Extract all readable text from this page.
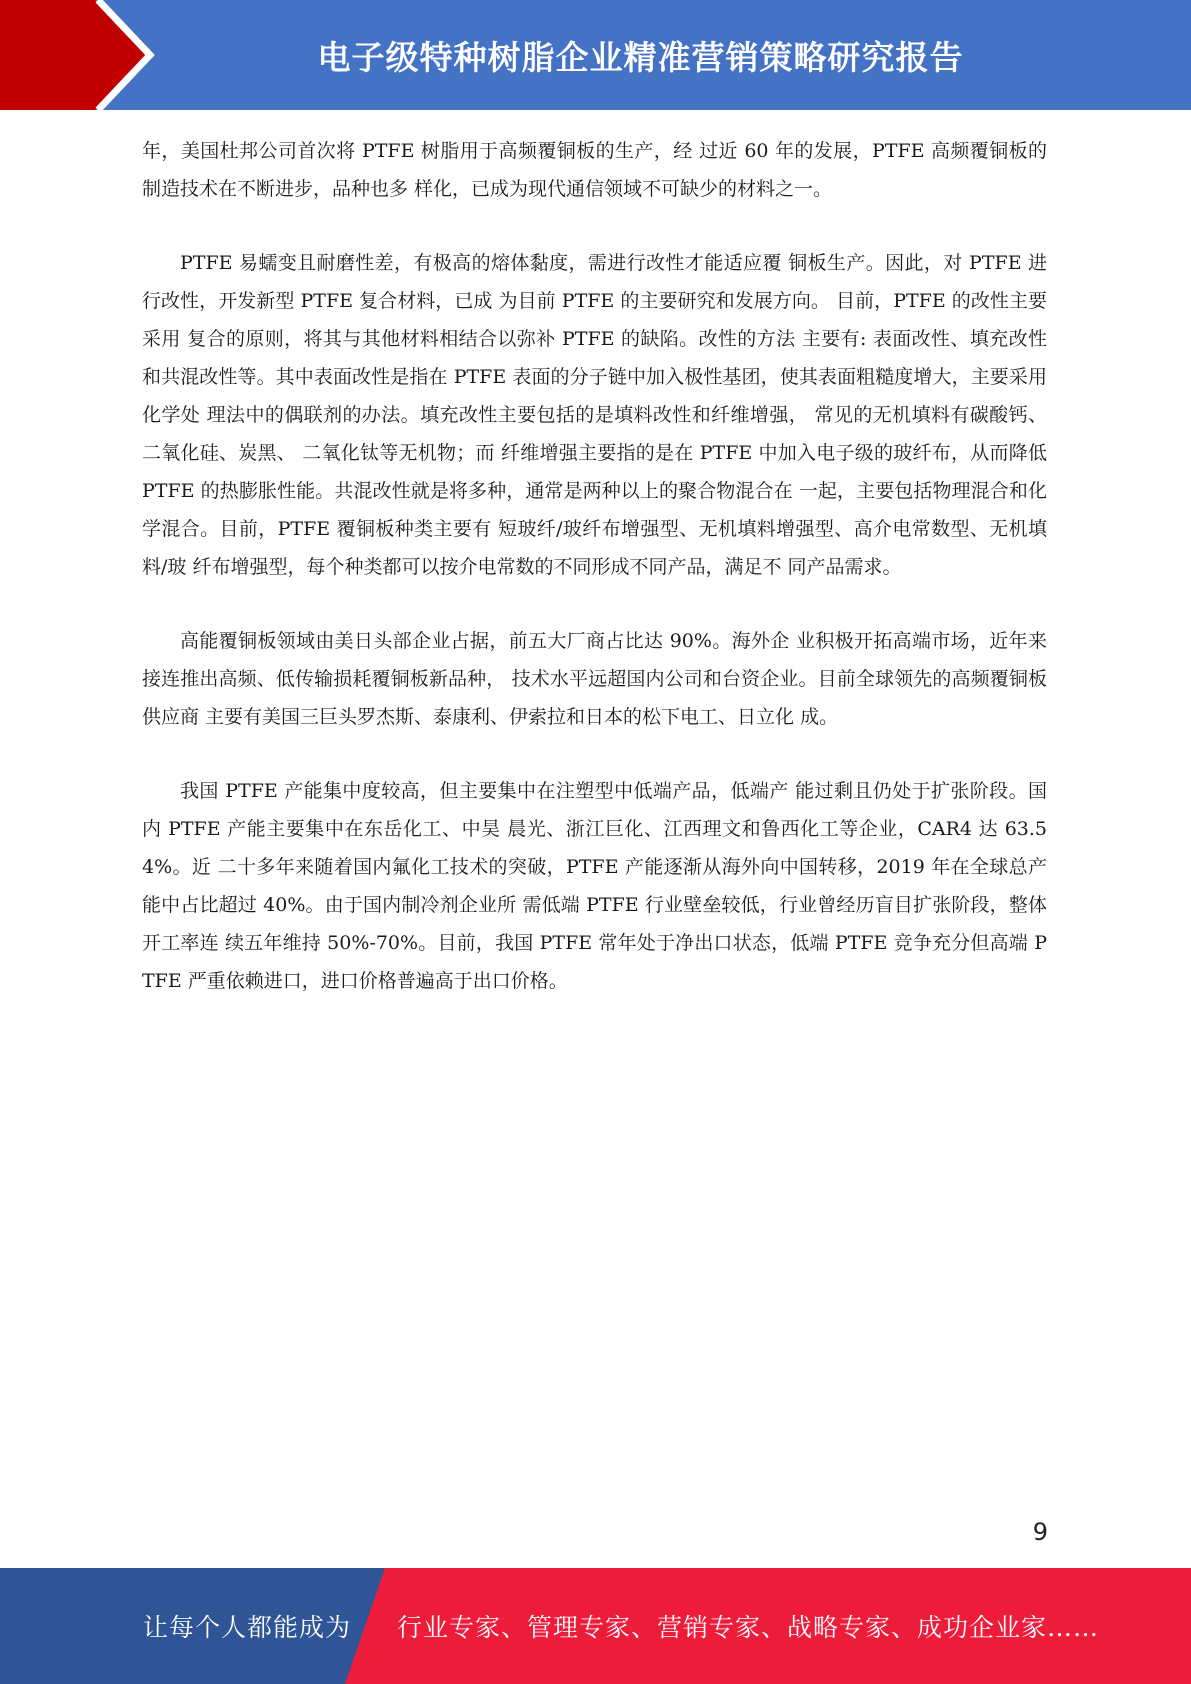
电子级特种树脂企业精准营销策略研究报告

年，美国杜邦公司首次将 PTFE 树脂用于高频覆铜板的生产，经 过近 60 年的发展，PTFE 高频覆铜板的制造技术在不断进步，品种也多 样化，已成为现代通信领域不可缺少的材料之一。

PTFE 易蠕变且耐磨性差，有极高的熔体黏度，需进行改性才能适应覆 铜板生产。因此，对 PTFE 进行改性，开发新型 PTFE 复合材料，已成 为目前 PTFE 的主要研究和发展方向。 目前，PTFE 的改性主要采用 复合的原则，将其与其他材料相结合以弥补 PTFE 的缺陷。改性的方法 主要有: 表面改性、填充改性和共混改性等。其中表面改性是指在 PTFE 表面的分子链中加入极性基团，使其表面粗糙度增大，主要采用化学处 理法中的偶联剂的办法。填充改性主要包括的是填料改性和纤维增强， 常见的无机填料有碳酸钙、二氧化硅、炭黑、 二氧化钛等无机物；而 纤维增强主要指的是在 PTFE 中加入电子级的玻纤布，从而降低 PTFE 的热膨胀性能。共混改性就是将多种，通常是两种以上的聚合物混合在 一起，主要包括物理混合和化学混合。目前，PTFE 覆铜板种类主要有 短玻纤/玻纤布增强型、无机填料增强型、高介电常数型、无机填料/玻 纤布增强型，每个种类都可以按介电常数的不同形成不同产品，满足不 同产品需求。

高能覆铜板领域由美日头部企业占据，前五大厂商占比达 90%。海外企 业积极开拓高端市场，近年来接连推出高频、低传输损耗覆铜板新品种， 技术水平远超国内公司和台资企业。目前全球领先的高频覆铜板供应商 主要有美国三巨头罗杰斯、泰康利、伊索拉和日本的松下电工、日立化 成。

我国 PTFE 产能集中度较高，但主要集中在注塑型中低端产品，低端产 能过剩且仍处于扩张阶段。国内 PTFE 产能主要集中在东岳化工、中昊 晨光、浙江巨化、江西理文和鲁西化工等企业，CAR4 达 63.54%。近 二十多年来随着国内氟化工技术的突破，PTFE 产能逐渐从海外向中国转移，2019 年在全球总产能中占比超过 40%。由于国内制冷剂企业所 需低端 PTFE 行业壁垒较低，行业曾经历盲目扩张阶段，整体开工率连 续五年维持 50%-70%。目前，我国 PTFE 常年处于净出口状态，低端 PTFE 竞争充分但高端 PTFE 严重依赖进口，进口价格普遍高于出口价格。

9
让每个人都能成为 行业专家、管理专家、营销专家、战略专家、成功企业家……
